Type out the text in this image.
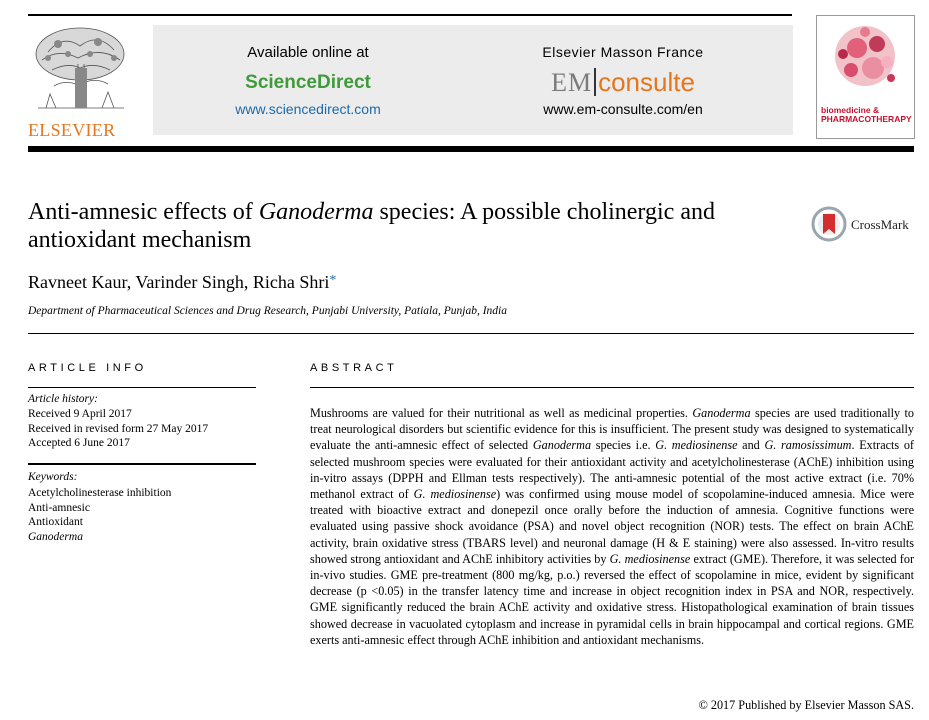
ELSEVIER
Available online at
ScienceDirect
www.sciencedirect.com
Elsevier Masson France
EM consulte
www.em-consulte.com/en	biomedicine & PHARMACOTHERAPY
Anti-amnesic effects of Ganoderma species: A possible cholinergic and antioxidant mechanism
CrossMark
Ravneet Kaur, Varinder Singh, Richa Shri*
Department of Pharmaceutical Sciences and Drug Research, Punjabi University, Patiala, Punjab, India
ARTICLE INFO
Article history:
Received 9 April 2017
Received in revised form 27 May 2017
Accepted 6 June 2017
Keywords:
Acetylcholinesterase inhibition
Anti-amnesic
Antioxidant
Ganoderma
ABSTRACT
Mushrooms are valued for their nutritional as well as medicinal properties. Ganoderma species are used traditionally to treat neurological disorders but scientific evidence for this is insufficient. The present study was designed to systematically evaluate the anti-amnesic effect of selected Ganoderma species i.e. G. mediosinense and G. ramosissimum. Extracts of selected mushroom species were evaluated for their antioxidant activity and acetylcholinesterase (AChE) inhibition using in-vitro assays (DPPH and Ellman tests respectively). The anti-amnesic potential of the most active extract (i.e. 70% methanol extract of G. mediosinense) was confirmed using mouse model of scopolamine-induced amnesia. Mice were treated with bioactive extract and donepezil once orally before the induction of amnesia. Cognitive functions were evaluated using passive shock avoidance (PSA) and novel object recognition (NOR) tests. The effect on brain AChE activity, brain oxidative stress (TBARS level) and neuronal damage (H & E staining) were also assessed. In-vitro results showed strong antioxidant and AChE inhibitory activities by G. mediosinense extract (GME). Therefore, it was selected for in-vivo studies. GME pre-treatment (800 mg/kg, p.o.) reversed the effect of scopolamine in mice, evident by significant decrease (p <0.05) in the transfer latency time and increase in object recognition index in PSA and NOR, respectively. GME significantly reduced the brain AChE activity and oxidative stress. Histopathological examination of brain tissues showed decrease in vacuolated cytoplasm and increase in pyramidal cells in brain hippocampal and cortical regions. GME exerts anti-amnesic effect through AChE inhibition and antioxidant mechanisms.
© 2017 Published by Elsevier Masson SAS.
